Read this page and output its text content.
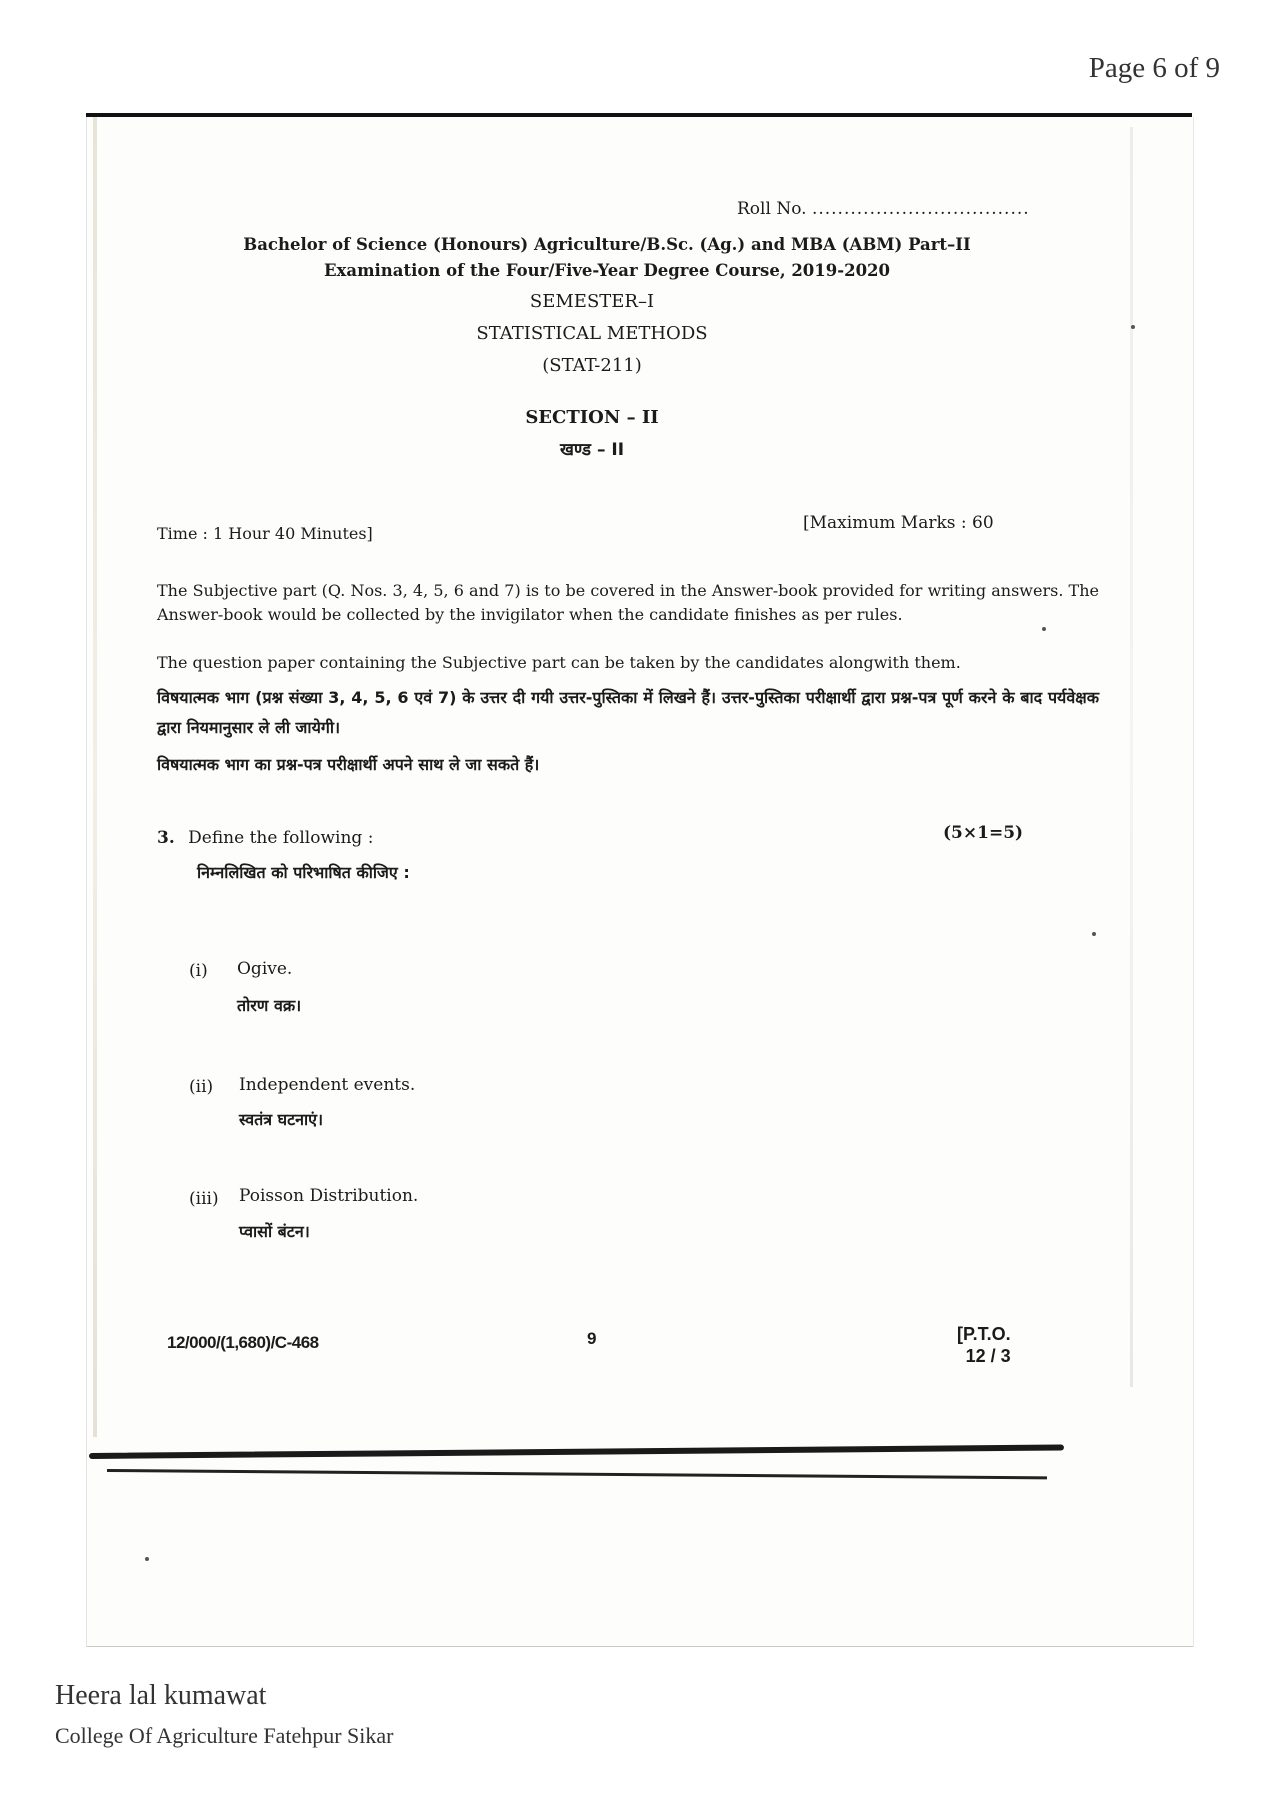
Page 6 of 9
Roll No. ..................................
Bachelor of Science (Honours) Agriculture/B.Sc. (Ag.) and MBA (ABM) Part–II
Examination of the Four/Five-Year Degree Course, 2019-2020
SEMESTER–I
STATISTICAL METHODS
(STAT-211)
SECTION – II
खण्ड – II
Time : 1 Hour 40 Minutes]
[Maximum Marks : 60
The Subjective part (Q. Nos. 3, 4, 5, 6 and 7) is to be covered in the Answer-book provided for writing answers. The Answer-book would be collected by the invigilator when the candidate finishes as per rules.
The question paper containing the Subjective part can be taken by the candidates alongwith them.
विषयात्मक भाग (प्रश्न संख्या 3, 4, 5, 6 एवं 7) के उत्तर दी गयी उत्तर-पुस्तिका में लिखने हैं। उत्तर-पुस्तिका परीक्षार्थी द्वारा प्रश्न-पत्र पूर्ण करने के बाद पर्यवेक्षक द्वारा नियमानुसार ले ली जायेगी।
विषयात्मक भाग का प्रश्न-पत्र परीक्षार्थी अपने साथ ले जा सकते हैं।
3. Define the following :	(5×1=5)
निम्नलिखित को परिभाषित कीजिए :
(i) Ogive.
तोरण वक्र।
(ii) Independent events.
स्वतंत्र घटनाएं।
(iii) Poisson Distribution.
प्वासों बंटन।
12/000/(1,680)/C-468	9	[P.T.O.
12 / 3
Heera lal kumawat
College Of Agriculture Fatehpur Sikar
